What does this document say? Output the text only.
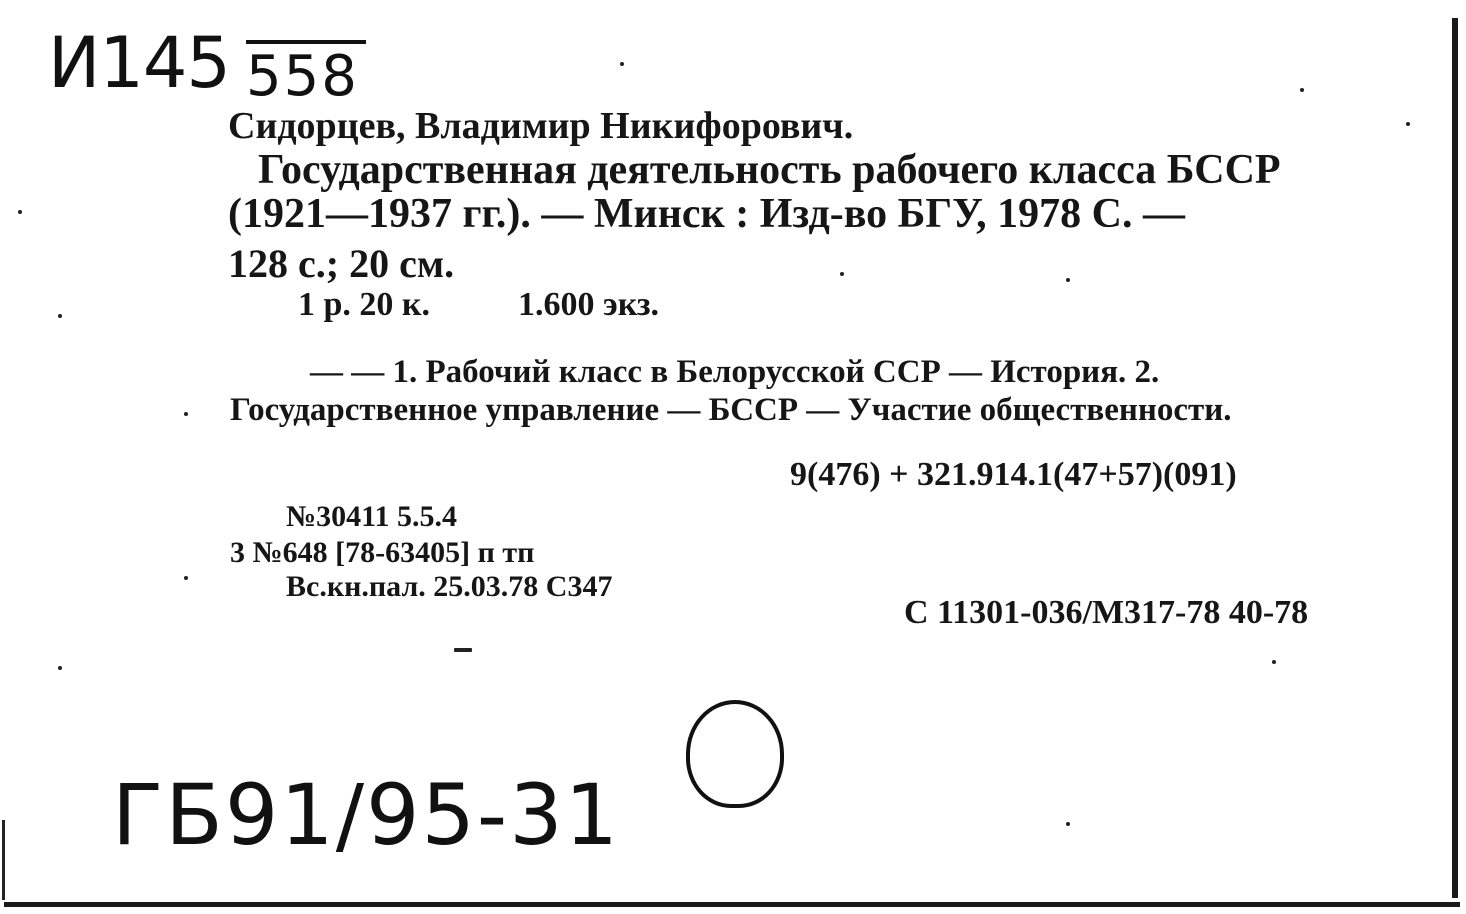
И145 558
Сидорцев, Владимир Никифорович.
Государственная деятельность рабочего класса БССР
(1921—1937 гг.). — Минск : Изд-во БГУ, 1978 С. —
128 с.; 20 см.
1 р. 20 к.	1.600 экз.
— — 1. Рабочий класс в Белорусской ССР — История. 2.
Государственное управление — БССР — Участие общественности.
9(476) + 321.914.1(47+57)(091)
№30411 5.5.4
3 №648 [78-63405] п тп
Вс.кн.пал. 25.03.78 С347
С 11301-036/М317-78 40-78
ГБ91/95-31
